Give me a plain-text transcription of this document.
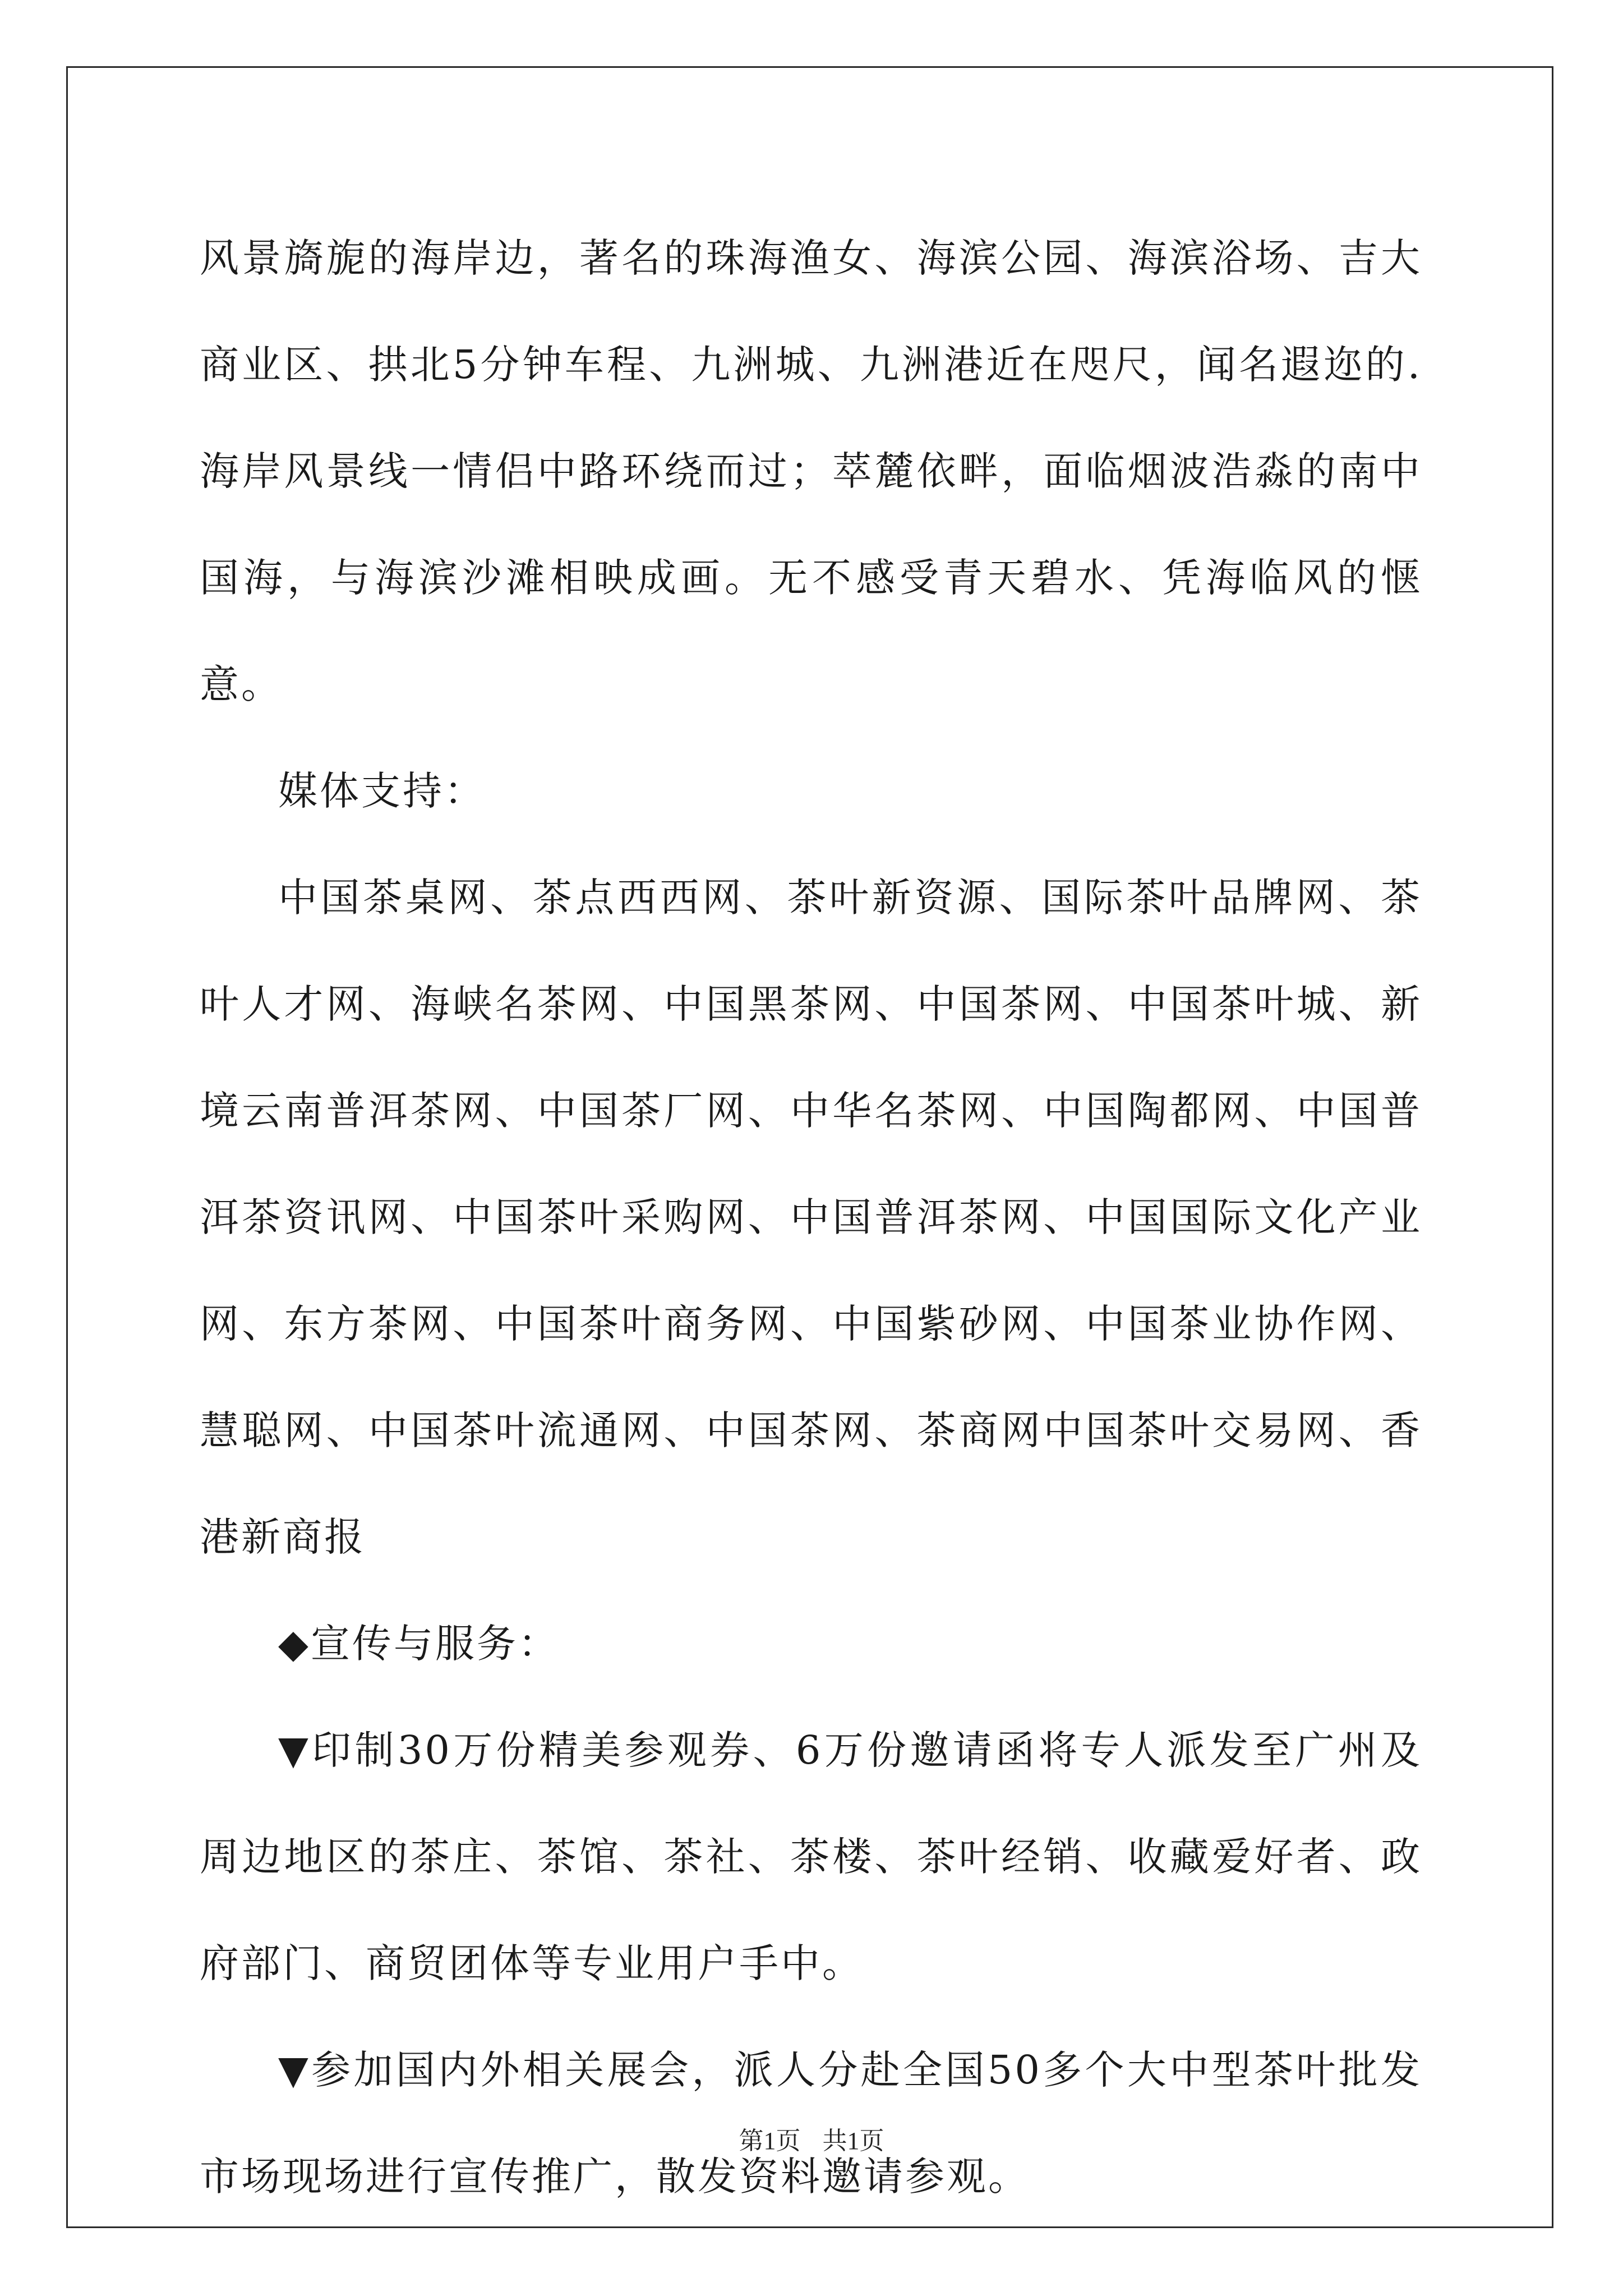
风景旖旎的海岸边，著名的珠海渔女、海滨公园、海滨浴场、吉大商业区、拱北5分钟车程、九洲城、九洲港近在咫尺，闻名遐迩的.海岸风景线一情侣中路环绕而过；萃麓依畔，面临烟波浩淼的南中国海，与海滨沙滩相映成画。无不感受青天碧水、凭海临风的惬意。

媒体支持：

中国茶桌网、茶点西西网、茶叶新资源、国际茶叶品牌网、茶叶人才网、海峡名茶网、中国黑茶网、中国茶网、中国茶叶城、新境云南普洱茶网、中国茶厂网、中华名茶网、中国陶都网、中国普洱茶资讯网、中国茶叶采购网、中国普洱茶网、中国国际文化产业网、东方茶网、中国茶叶商务网、中国紫砂网、中国茶业协作网、慧聪网、中国茶叶流通网、中国茶网、茶商网中国茶叶交易网、香港新商报

◆宣传与服务：

▼印制30万份精美参观券、6万份邀请函将专人派发至广州及周边地区的茶庄、茶馆、茶社、茶楼、茶叶经销、收藏爱好者、政府部门、商贸团体等专业用户手中。

▼参加国内外相关展会，派人分赴全国50多个大中型茶叶批发市场现场进行宣传推广，散发资料邀请参观。

第1页 共1页
